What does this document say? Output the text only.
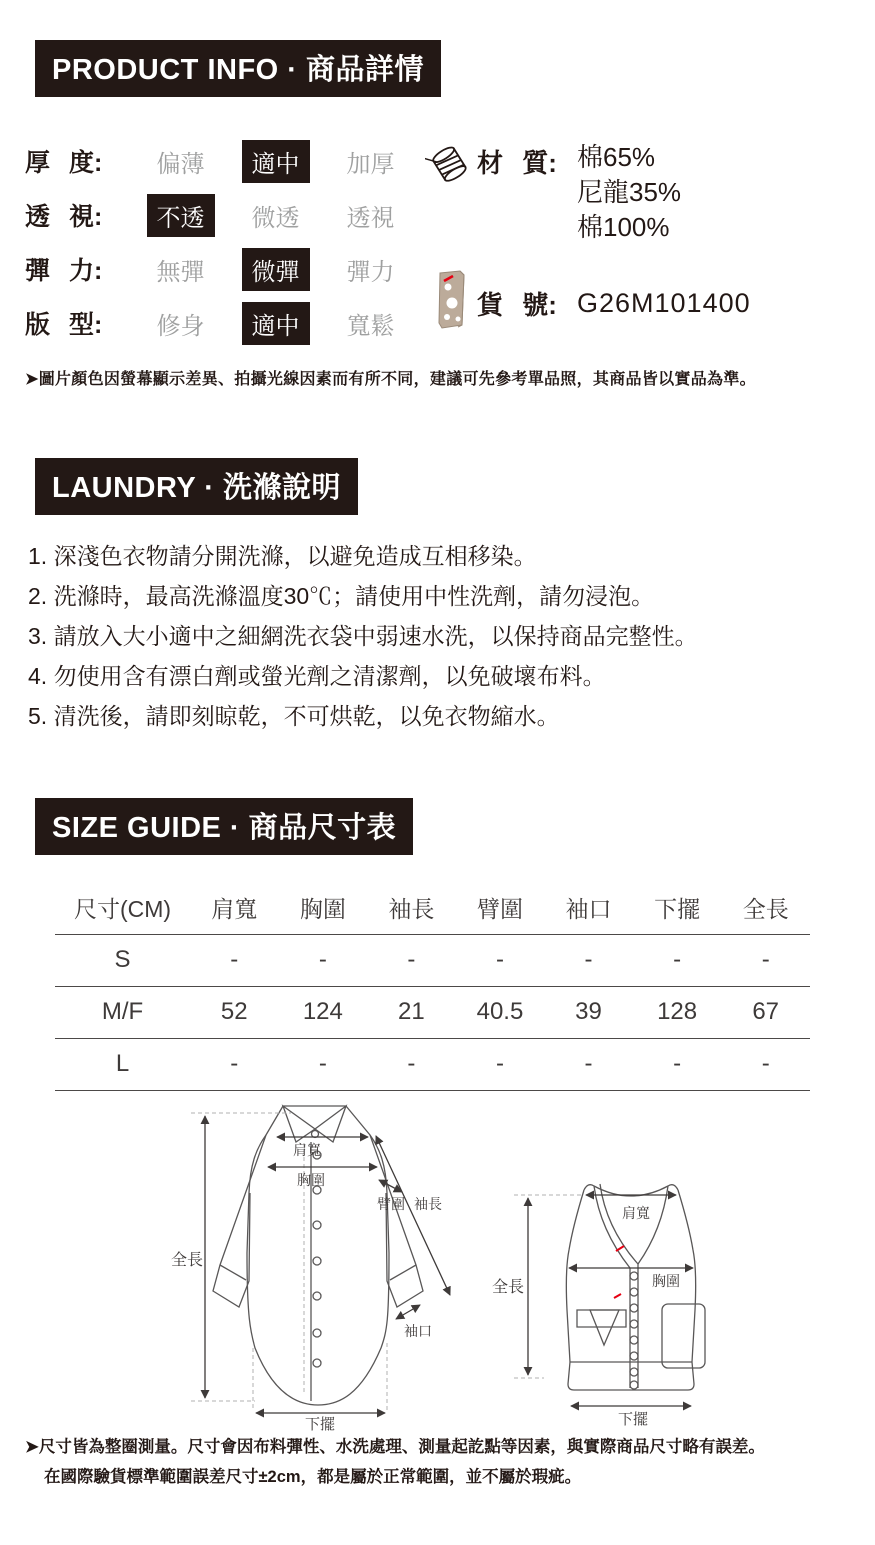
PRODUCT INFO · 商品詳情
厚 度:	偏薄	適中	加厚
透 視:	不透	微透	透視
彈 力:	無彈	微彈	彈力
版 型:	修身	適中	寬鬆
材 質: 棉65%
尼龍35%
棉100%
貨 號: G26M101400
➤圖片顏色因螢幕顯示差異、拍攝光線因素而有所不同，建議可先參考單品照，其商品皆以實品為準。
LAUNDRY · 洗滌說明
1. 深淺色衣物請分開洗滌，以避免造成互相移染。
2. 洗滌時，最高洗滌溫度30℃；請使用中性洗劑，請勿浸泡。
3. 請放入大小適中之細網洗衣袋中弱速水洗，以保持商品完整性。
4. 勿使用含有漂白劑或螢光劑之清潔劑，以免破壞布料。
5. 清洗後，請即刻晾乾，不可烘乾，以免衣物縮水。
SIZE GUIDE · 商品尺寸表
尺寸(CM)	肩寬	胸圍	袖長	臂圍	袖口	下擺	全長
S	-	-	-	-	-	-	-
M/F	52	124	21	40.5	39	128	67
L	-	-	-	-	-	-	-
全長
肩寬
胸圍
臂圍 袖長
袖口
下擺
全長
肩寬
胸圍
下擺
➤尺寸皆為整圈測量。尺寸會因布料彈性、水洗處理、測量起訖點等因素，與實際商品尺寸略有誤差。
在國際驗貨標準範圍誤差尺寸±2cm，都是屬於正常範圍，並不屬於瑕疵。
